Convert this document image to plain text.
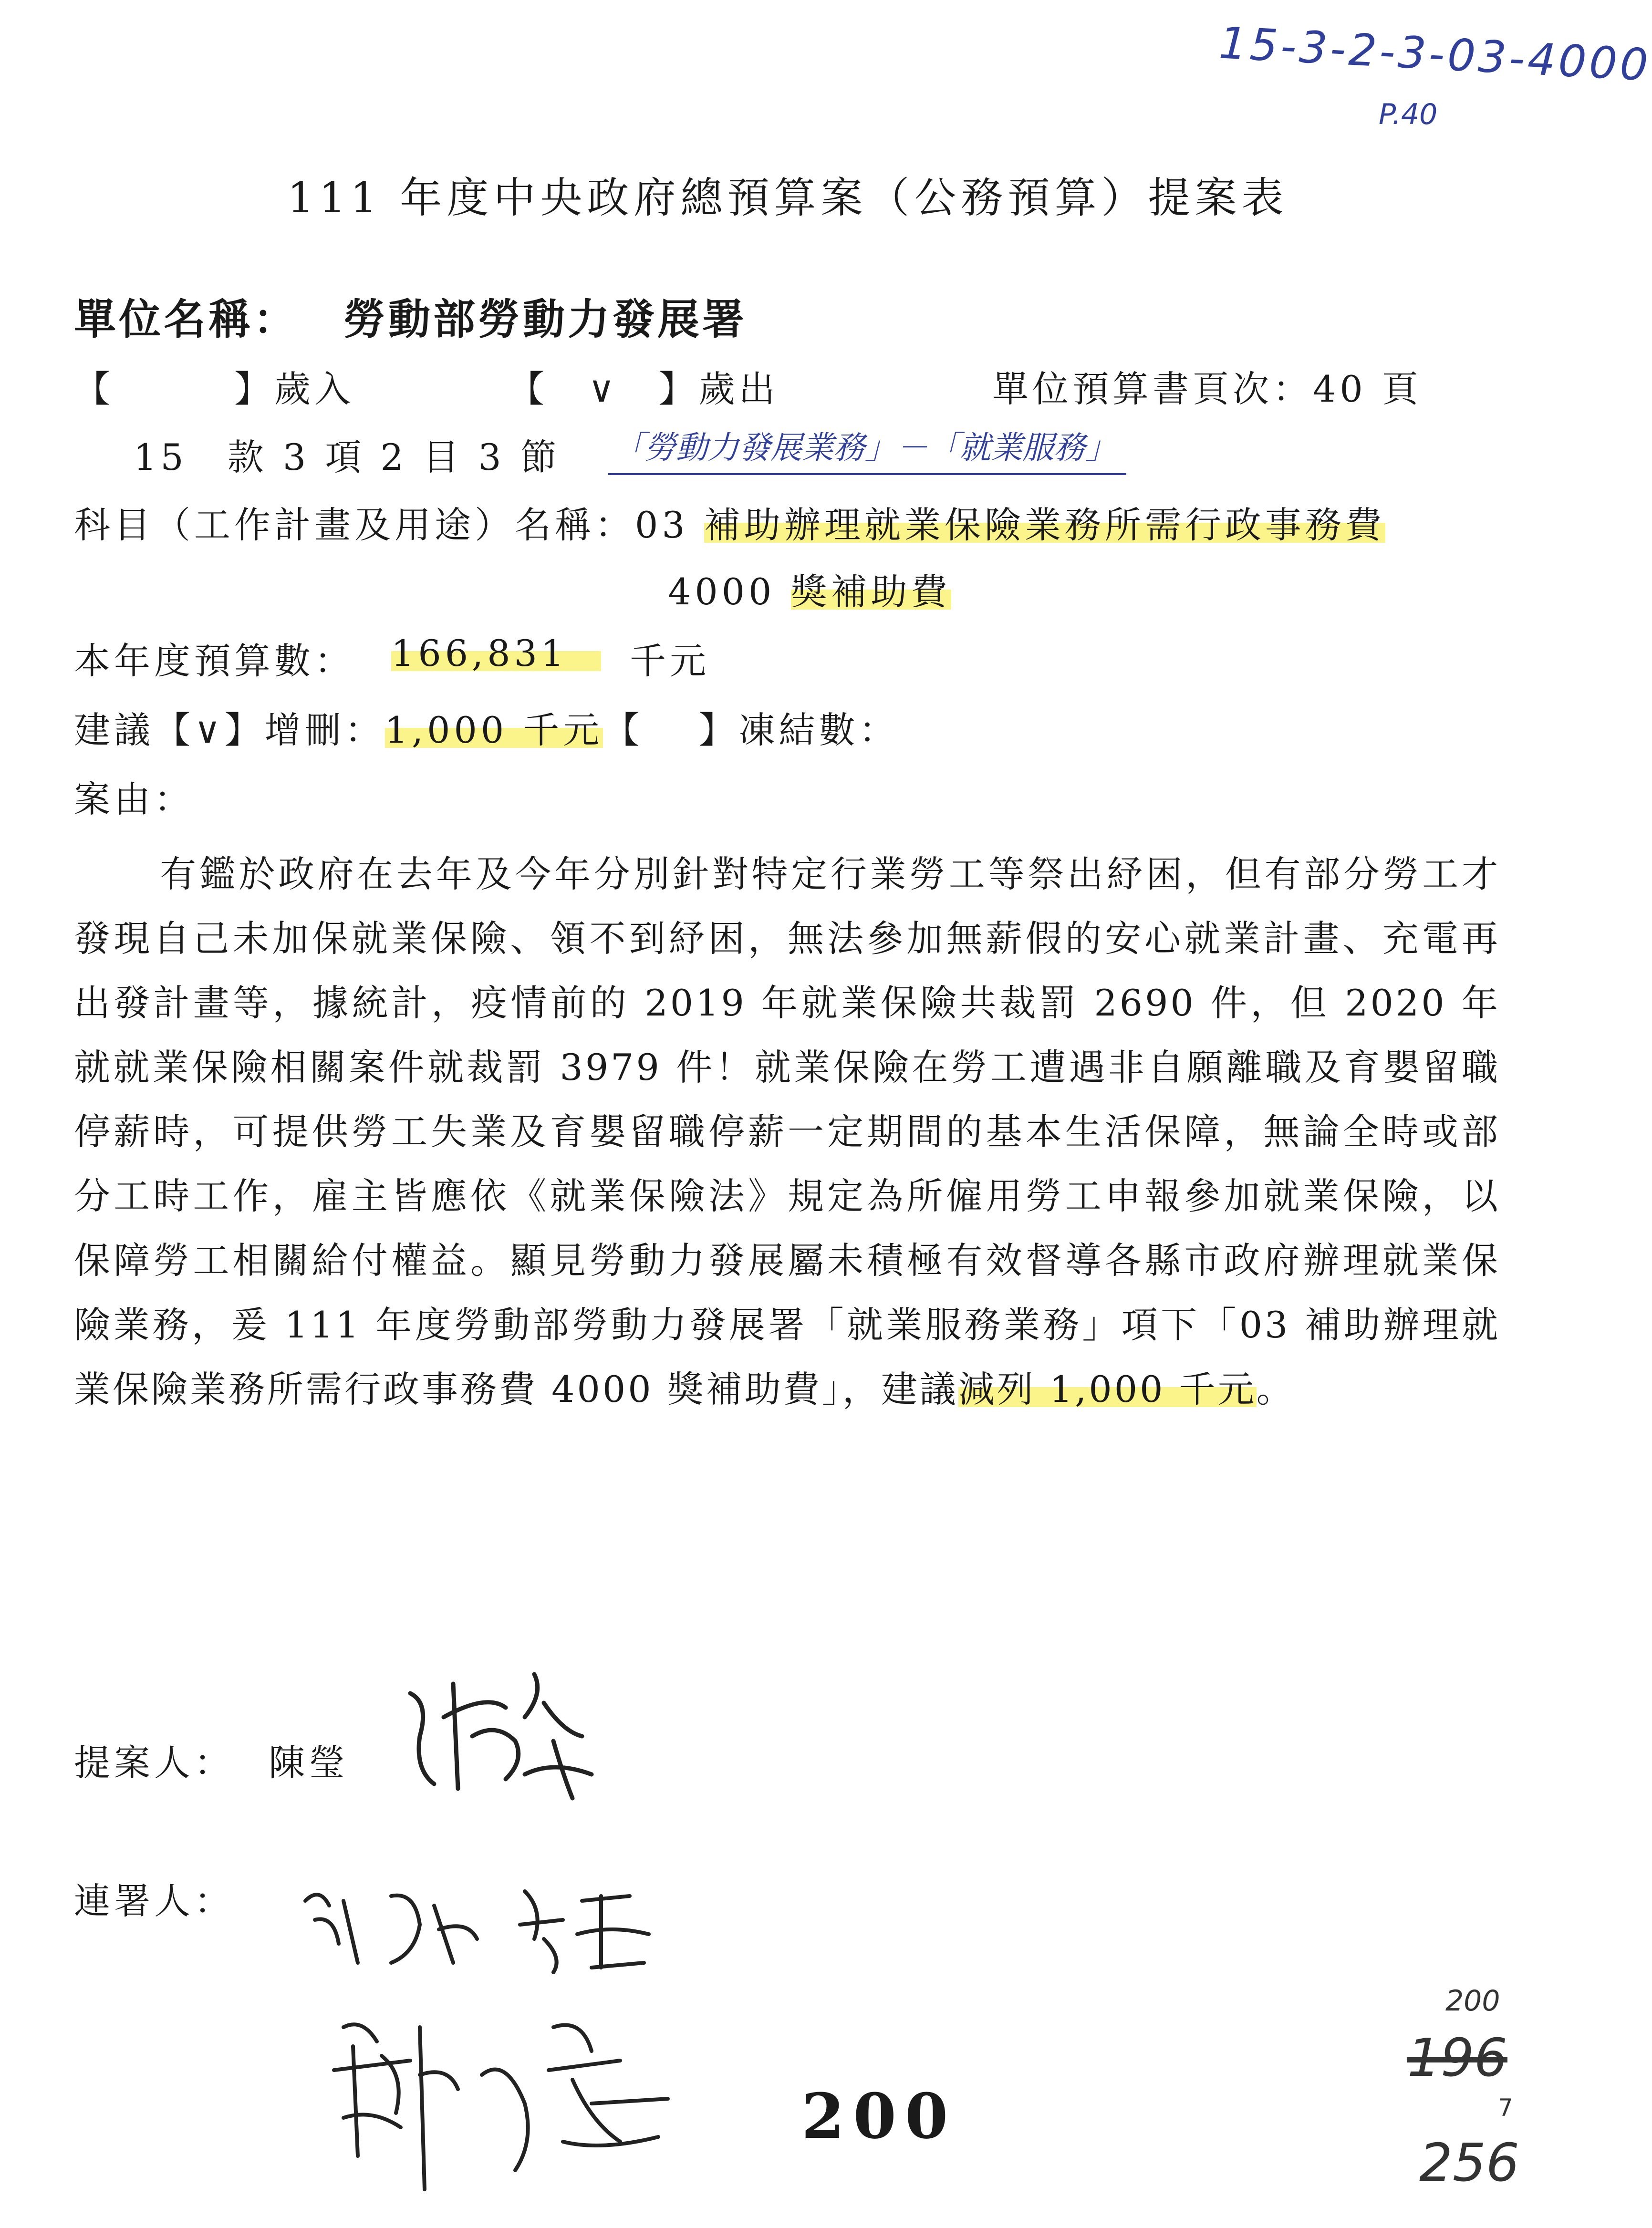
15-3-2-3-03-4000
P.40
111 年度中央政府總預算案（公務預算）提案表
單位名稱： 勞動部勞動力發展署
【　　　】歲入	【　∨　】歲出	單位預算書頁次：40 頁
15　款 3 項 2 目 3 節 「勞動力發展業務」－「就業服務」
科目（工作計畫及用途）名稱：03 補助辦理就業保險業務所需行政事務費
4000 獎補助費
本年度預算數： 166,831	千元
建議【∨】增刪：1,000 千元【　 】凍結數：
案由：

有鑑於政府在去年及今年分別針對特定行業勞工等祭出紓困，但有部分勞工才發現自己未加保就業保險、領不到紓困，無法參加無薪假的安心就業計畫、充電再出發計畫等，據統計，疫情前的 2019 年就業保險共裁罰 2690 件，但 2020 年就就業保險相關案件就裁罰 3979 件！就業保險在勞工遭遇非自願離職及育嬰留職停薪時，可提供勞工失業及育嬰留職停薪一定期間的基本生活保障，無論全時或部分工時工作，雇主皆應依《就業保險法》規定為所僱用勞工申報參加就業保險，以保障勞工相關給付權益。顯見勞動力發展屬未積極有效督導各縣市政府辦理就業保險業務，爰 111 年度勞動部勞動力發展署「就業服務業務」項下「03 補助辦理就業保險業務所需行政事務費 4000 獎補助費」，建議減列 1,000 千元。

提案人： 陳瑩
連署人：
200
200
196
7
256
